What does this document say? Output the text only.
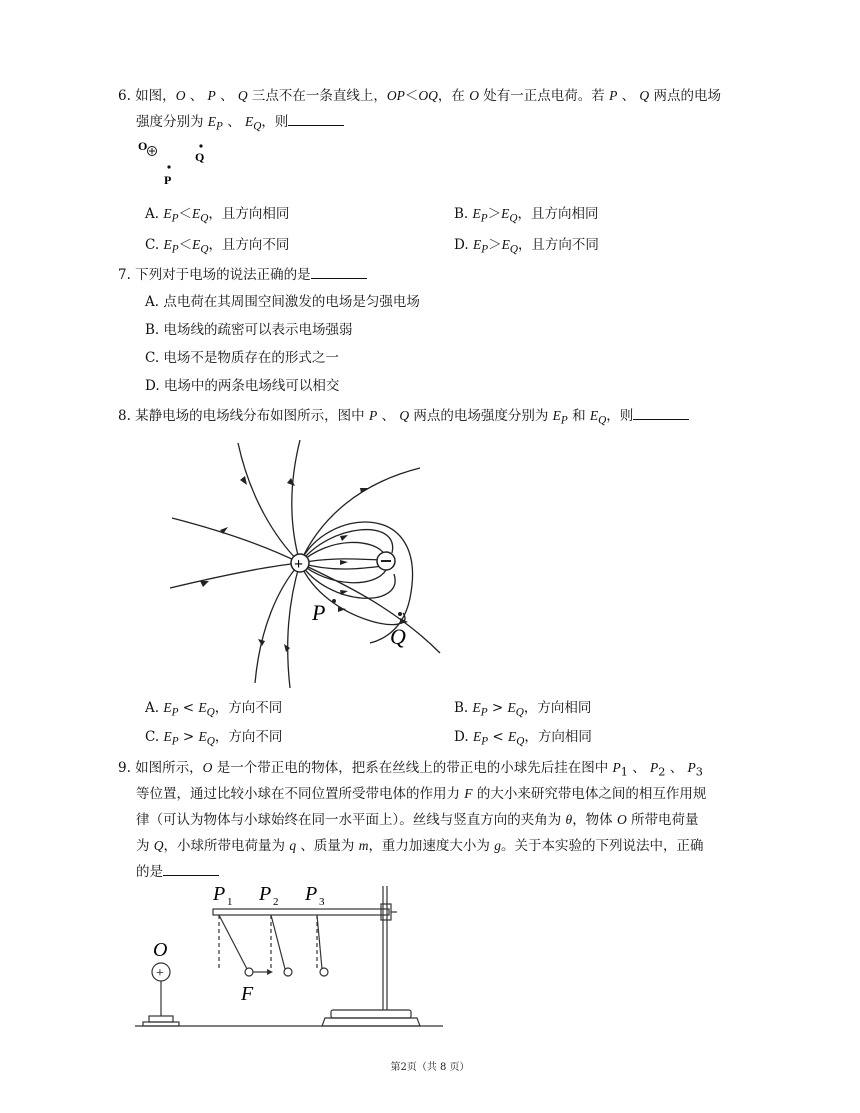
6. 如图，O 、 P 、 Q 三点不在一条直线上，OP＜OQ，在 O 处有一正点电荷。若 P 、 Q 两点的电场
强度分别为 $E_P$ 、 $E_Q$，则
O
Q
P
A. $E_P<E_Q$，且方向相同	B. $E_P>E_Q$，且方向相同
C. $E_P<E_Q$，且方向不同	D. $E_P>E_Q$，且方向不同
7. 下列对于电场的说法正确的是
A. 点电荷在其周围空间激发的电场是匀强电场
B. 电场线的疏密可以表示电场强弱
C. 电场不是物质存在的形式之一
D. 电场中的两条电场线可以相交
8. 某静电场的电场线分布如图所示，图中 P 、 Q 两点的电场强度分别为 $E_P$ 和 $E_Q$，则
+
P
Q
A. $E_P < E_Q$，方向不同	B. $E_P > E_Q$，方向相同
C. $E_P > E_Q$，方向不同	D. $E_P < E_Q$，方向相同
9. 如图所示，O 是一个带正电的物体，把系在丝线上的带正电的小球先后挂在图中 $P_1$ 、 $P_2$ 、 $P_3$
等位置，通过比较小球在不同位置所受带电体的作用力 F 的大小来研究带电体之间的相互作用规
律（可认为物体与小球始终在同一水平面上）。丝线与竖直方向的夹角为 θ，物体 O 所带电荷量
为 Q，小球所带电荷量为 q 、质量为 m，重力加速度大小为 g。关于本实验的下列说法中，正确
的是
+
O
P 1 P 2 P 3
F
第2页（共 8 页）
